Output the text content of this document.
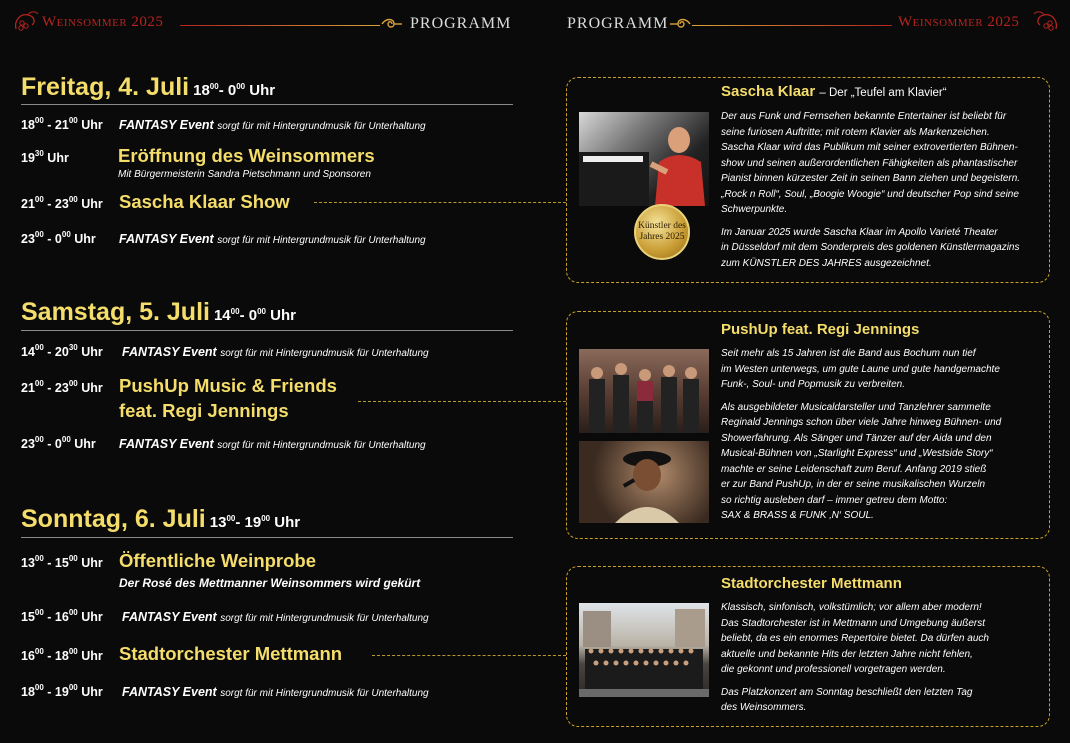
Weinsommer 2025	PROGRAMM	PROGRAMM	Weinsommer 2025
Freitag, 4. Juli $18^{00}-$ $0^{00}$ Uhr
$18^{00} - 21^{00}$ Uhr FANTASY Event sorgt für mit Hintergrundmusik für Unterhaltung
$19^{30}$ Uhr	Eröffnung des Weinsommers
Mit Bürgermeisterin Sandra Pietschmann und Sponsoren
$21^{00} - 23^{00}$ Uhr Sascha Klaar Show
$23^{00} - 0^{00}$ Uhr FANTASY Event sorgt für mit Hintergrundmusik für Unterhaltung
Samstag, 5. Juli $14^{00}-$ $0^{00}$ Uhr
$14^{00} - 20^{30}$ Uhr FANTASY Event sorgt für mit Hintergrundmusik für Unterhaltung
$21^{00} - 23^{00}$ Uhr PushUp Music & Friends
feat. Regi Jennings
$23^{00} - 0^{00}$ Uhr FANTASY Event sorgt für mit Hintergrundmusik für Unterhaltung
Sonntag, 6. Juli $13^{00}-$ $19^{00}$ Uhr
$13^{00} - 15^{00}$ Uhr Öffentliche Weinprobe
Der Rosé des Mettmanner Weinsommers wird gekürt
$15^{00} - 16^{00}$ Uhr FANTASY Event sorgt für mit Hintergrundmusik für Unterhaltung
$16^{00} - 18^{00}$ Uhr Stadtorchester Mettmann
$18^{00} - 19^{00}$ Uhr FANTASY Event sorgt für mit Hintergrundmusik für Unterhaltung
Künstler des
Jahres 2025
Sascha Klaar – Der „Teufel am Klavier“

Der aus Funk und Fernsehen bekannte Entertainer ist beliebt für
seine furiosen Auftritte; mit rotem Klavier als Markenzeichen.
Sascha Klaar wird das Publikum mit seiner extrovertierten Bühnen-
show und seinen außerordentlichen Fähigkeiten als phantastischer
Pianist binnen kürzester Zeit in seinen Bann ziehen und begeistern.
„Rock n Roll“, Soul, „Boogie Woogie“ und deutscher Pop sind seine
Schwerpunkte.

Im Januar 2025 wurde Sascha Klaar im Apollo Varieté Theater
in Düsseldorf mit dem Sonderpreis des goldenen Künstlermagazins
zum KÜNSTLER DES JAHRES ausgezeichnet.

PushUp feat. Regi Jennings

Seit mehr als 15 Jahren ist die Band aus Bochum nun tief
im Westen unterwegs, um gute Laune und gute handgemachte
Funk-, Soul- und Popmusik zu verbreiten.

Als ausgebildeter Musicaldarsteller und Tanzlehrer sammelte
Reginald Jennings schon über viele Jahre hinweg Bühnen- und
Showerfahrung. Als Sänger und Tänzer auf der Aida und den
Musical-Bühnen von „Starlight Express“ und „Westside Story“
machte er seine Leidenschaft zum Beruf. Anfang 2019 stieß
er zur Band PushUp, in der er seine musikalischen Wurzeln
so richtig ausleben darf – immer getreu dem Motto:
SAX & BRASS & FUNK ‚N‘ SOUL.

Stadtorchester Mettmann

Klassisch, sinfonisch, volkstümlich; vor allem aber modern!
Das Stadtorchester ist in Mettmann und Umgebung äußerst
beliebt, da es ein enormes Repertoire bietet. Da dürfen auch
aktuelle und bekannte Hits der letzten Jahre nicht fehlen,
die gekonnt und professionell vorgetragen werden.

Das Platzkonzert am Sonntag beschließt den letzten Tag
des Weinsommers.
